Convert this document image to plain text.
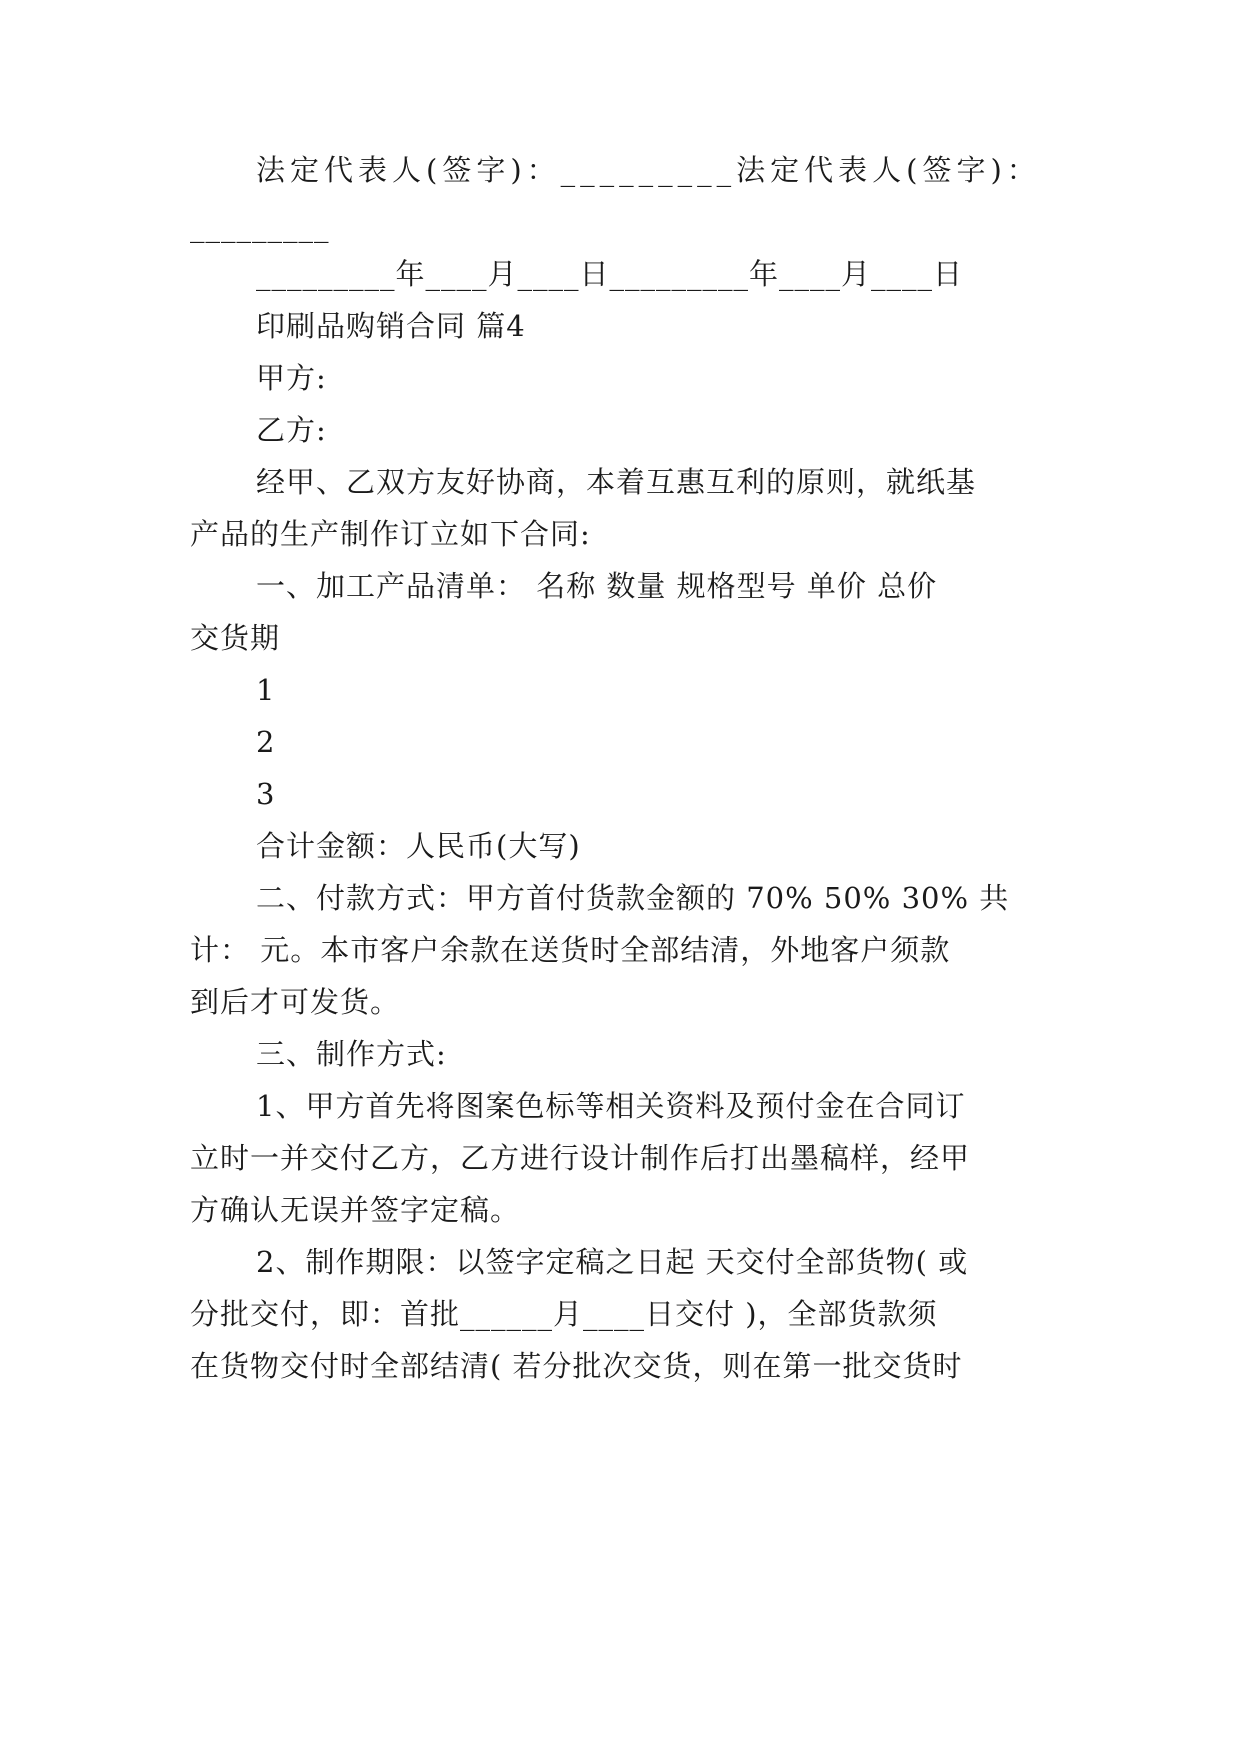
法定代表人(签字)：_________法定代表人(签字)：
_________
_________年____月____日_________年____月____日
印刷品购销合同 篇4
甲方:
乙方:
经甲、乙双方友好协商，本着互惠互利的原则，就纸基
产品的生产制作订立如下合同:
一、加工产品清单： 名称 数量 规格型号 单价 总价
交货期
1
2
3
合计金额：人民币(大写)
二、付款方式：甲方首付货款金额的 70% 50% 30% 共
计： 元。本市客户余款在送货时全部结清，外地客户须款
到后才可发货。
三、制作方式:
1、甲方首先将图案色标等相关资料及预付金在合同订
立时一并交付乙方，乙方进行设计制作后打出墨稿样，经甲
方确认无误并签字定稿。
2、制作期限：以签字定稿之日起 天交付全部货物( 或
分批交付，即：首批______月____日交付 )，全部货款须
在货物交付时全部结清( 若分批次交货，则在第一批交货时
